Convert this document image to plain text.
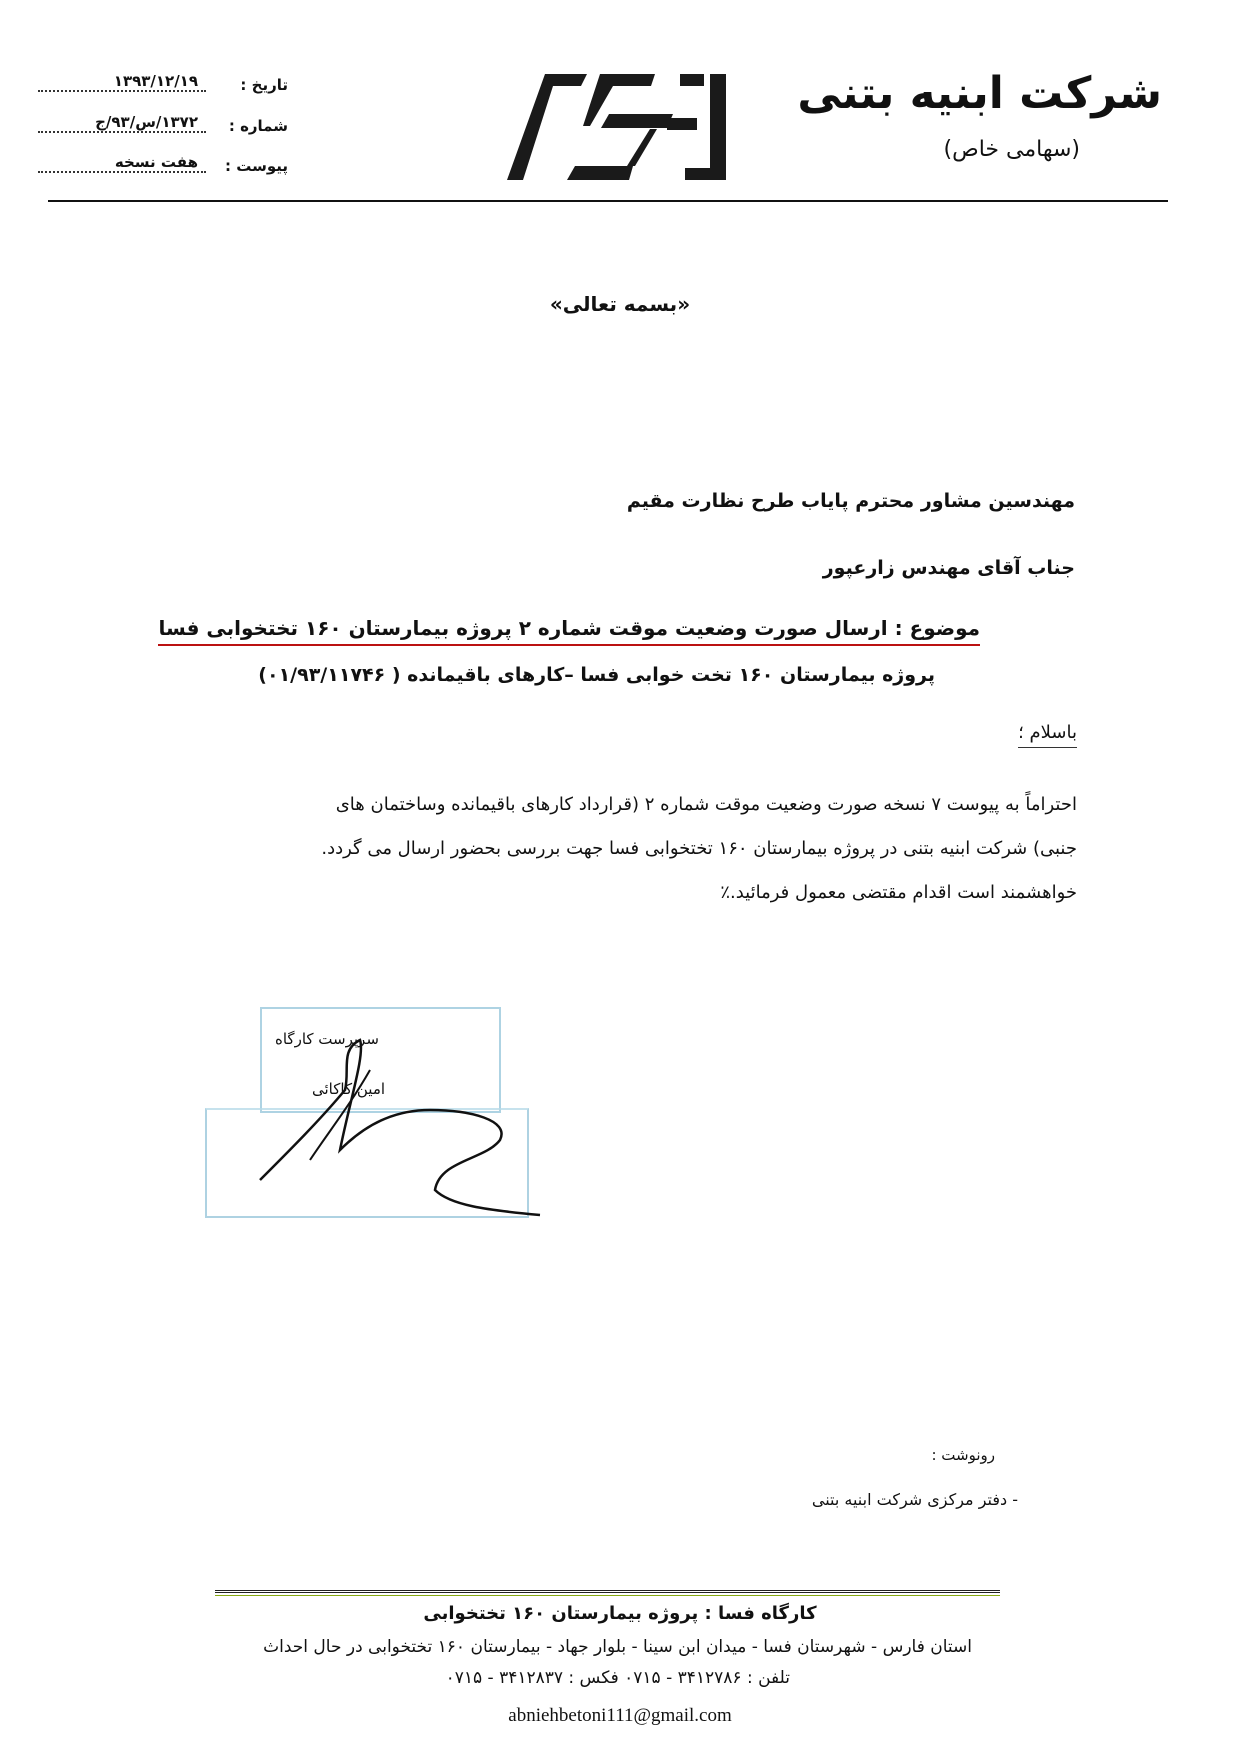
شرکت ابنیه بتنی
(سهامی خاص)
تاریخ :
۱۳۹۳/۱۲/۱۹
شماره :
۱۳۷۲/س/۹۳/ج
پیوست :
هفت نسخه
«بسمه تعالی»
مهندسین مشاور محترم پایاب طرح نظارت مقیم
جناب آقای مهندس زارعپور
موضوع : ارسال صورت وضعیت موقت شماره ۲ پروژه بیمارستان ۱۶۰ تختخوابی فسا
پروژه بیمارستان ۱۶۰ تخت خوابی فسا –کارهای باقیمانده ( ۰۱/۹۳/۱۱۷۴۶)
باسلام ؛
احتراماً به پیوست ۷ نسخه صورت وضعیت موقت شماره ۲ (قرارداد کارهای باقیمانده وساختمان های
جنبی) شرکت ابنیه بتنی در پروژه بیمارستان ۱۶۰ تختخوابی فسا جهت بررسی بحضور ارسال می گردد.
خواهشمند است اقدام مقتضی معمول فرمائید.٪
سرپرست کارگاه
امین کاکائی
رونوشت :
- دفتر مرکزی شرکت ابنیه بتنی
کارگاه فسا : پروژه بیمارستان ۱۶۰ تختخوابی
استان فارس - شهرستان فسا - میدان ابن سینا - بلوار جهاد - بیمارستان ۱۶۰ تختخوابی در حال احداث
تلفن : ۳۴۱۲۷۸۶ - ۰۷۱۵ فکس : ۳۴۱۲۸۳۷ - ۰۷۱۵
abniehbetoni111@gmail.com
